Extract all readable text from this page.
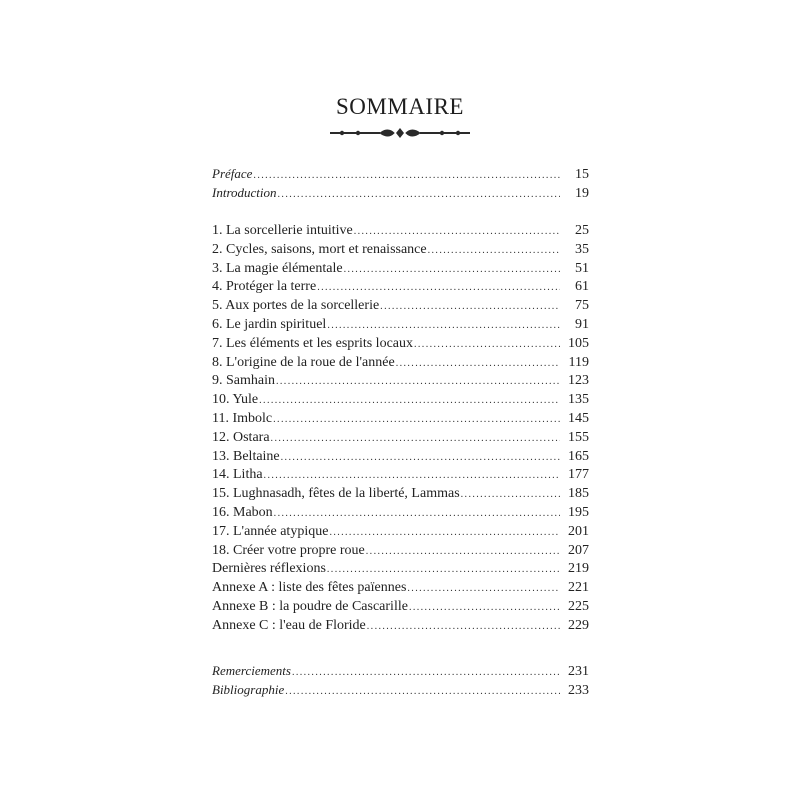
SOMMAIRE
Préface .....	15
Introduction .....	19
1. La sorcellerie intuitive .....	25
2. Cycles, saisons, mort et renaissance .....	35
3. La magie élémentale .....	51
4. Protéger la terre .....	61
5. Aux portes de la sorcellerie .....	75
6. Le jardin spirituel .....	91
7. Les éléments et les esprits locaux .....	105
8. L'origine de la roue de l'année .....	119
9. Samhain .....	123
10. Yule .....	135
11. Imbolc .....	145
12. Ostara .....	155
13. Beltaine .....	165
14. Litha .....	177
15. Lughnasadh, fêtes de la liberté, Lammas .....	185
16. Mabon .....	195
17. L'année atypique .....	201
18. Créer votre propre roue .....	207
Dernières réflexions .....	219
Annexe A : liste des fêtes païennes .....	221
Annexe B : la poudre de Cascarille .....	225
Annexe C : l'eau de Floride .....	229
Remerciements .....	231
Bibliographie .....	233
